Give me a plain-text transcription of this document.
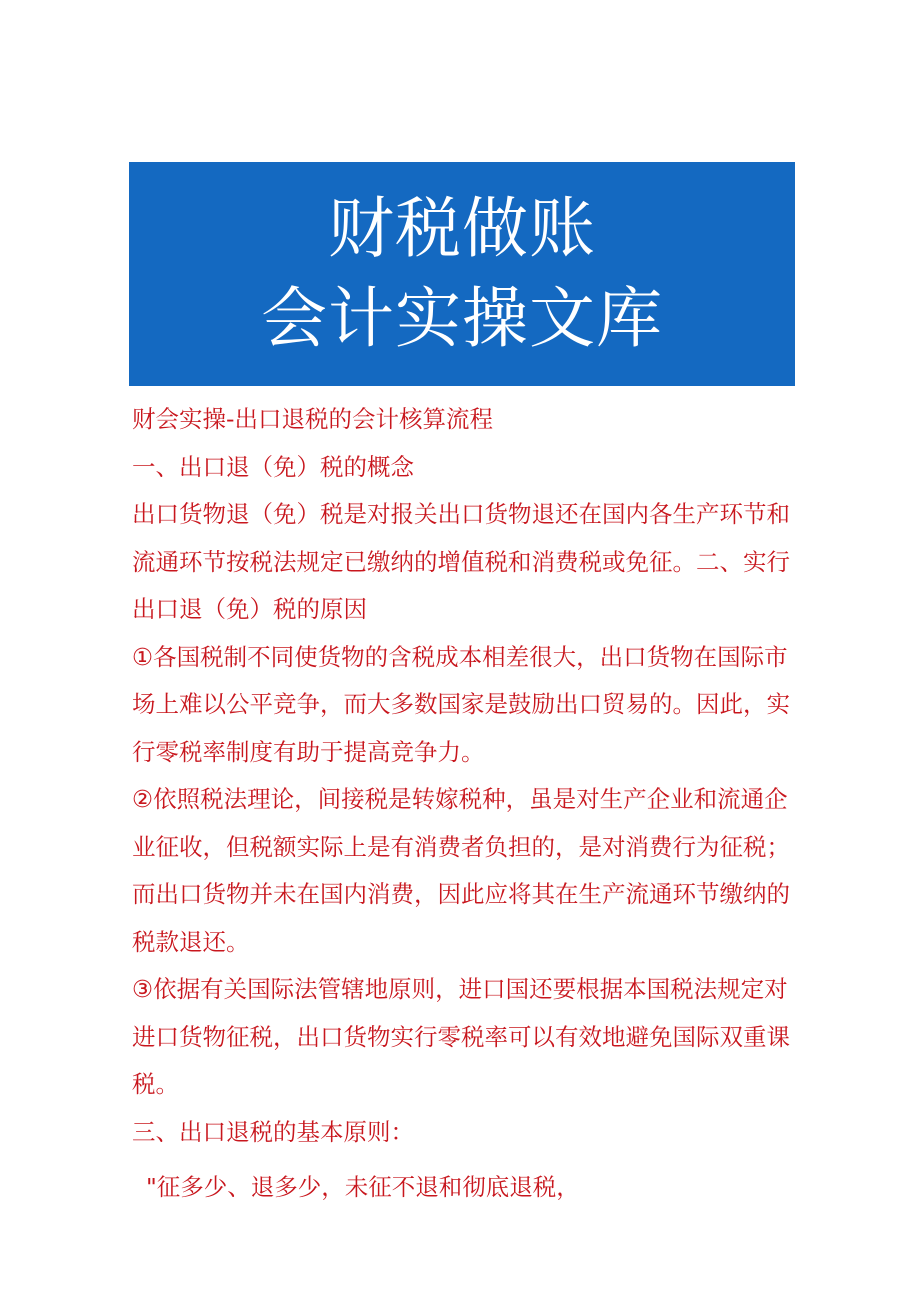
财税做账
会计实操文库

财会实操-出口退税的会计核算流程

一、出口退（免）税的概念

出口货物退（免）税是对报关出口货物退还在国内各生产环节和流通环节按税法规定已缴纳的增值税和消费税或免征。二、实行出口退（免）税的原因

①各国税制不同使货物的含税成本相差很大，出口货物在国际市场上难以公平竞争，而大多数国家是鼓励出口贸易的。因此，实行零税率制度有助于提高竞争力。

②依照税法理论，间接税是转嫁税种，虽是对生产企业和流通企业征收，但税额实际上是有消费者负担的，是对消费行为征税；而出口货物并未在国内消费，因此应将其在生产流通环节缴纳的税款退还。

③依据有关国际法管辖地原则，进口国还要根据本国税法规定对进口货物征税，出口货物实行零税率可以有效地避免国际双重课税。

三、出口退税的基本原则：

"征多少、退多少，未征不退和彻底退税，
